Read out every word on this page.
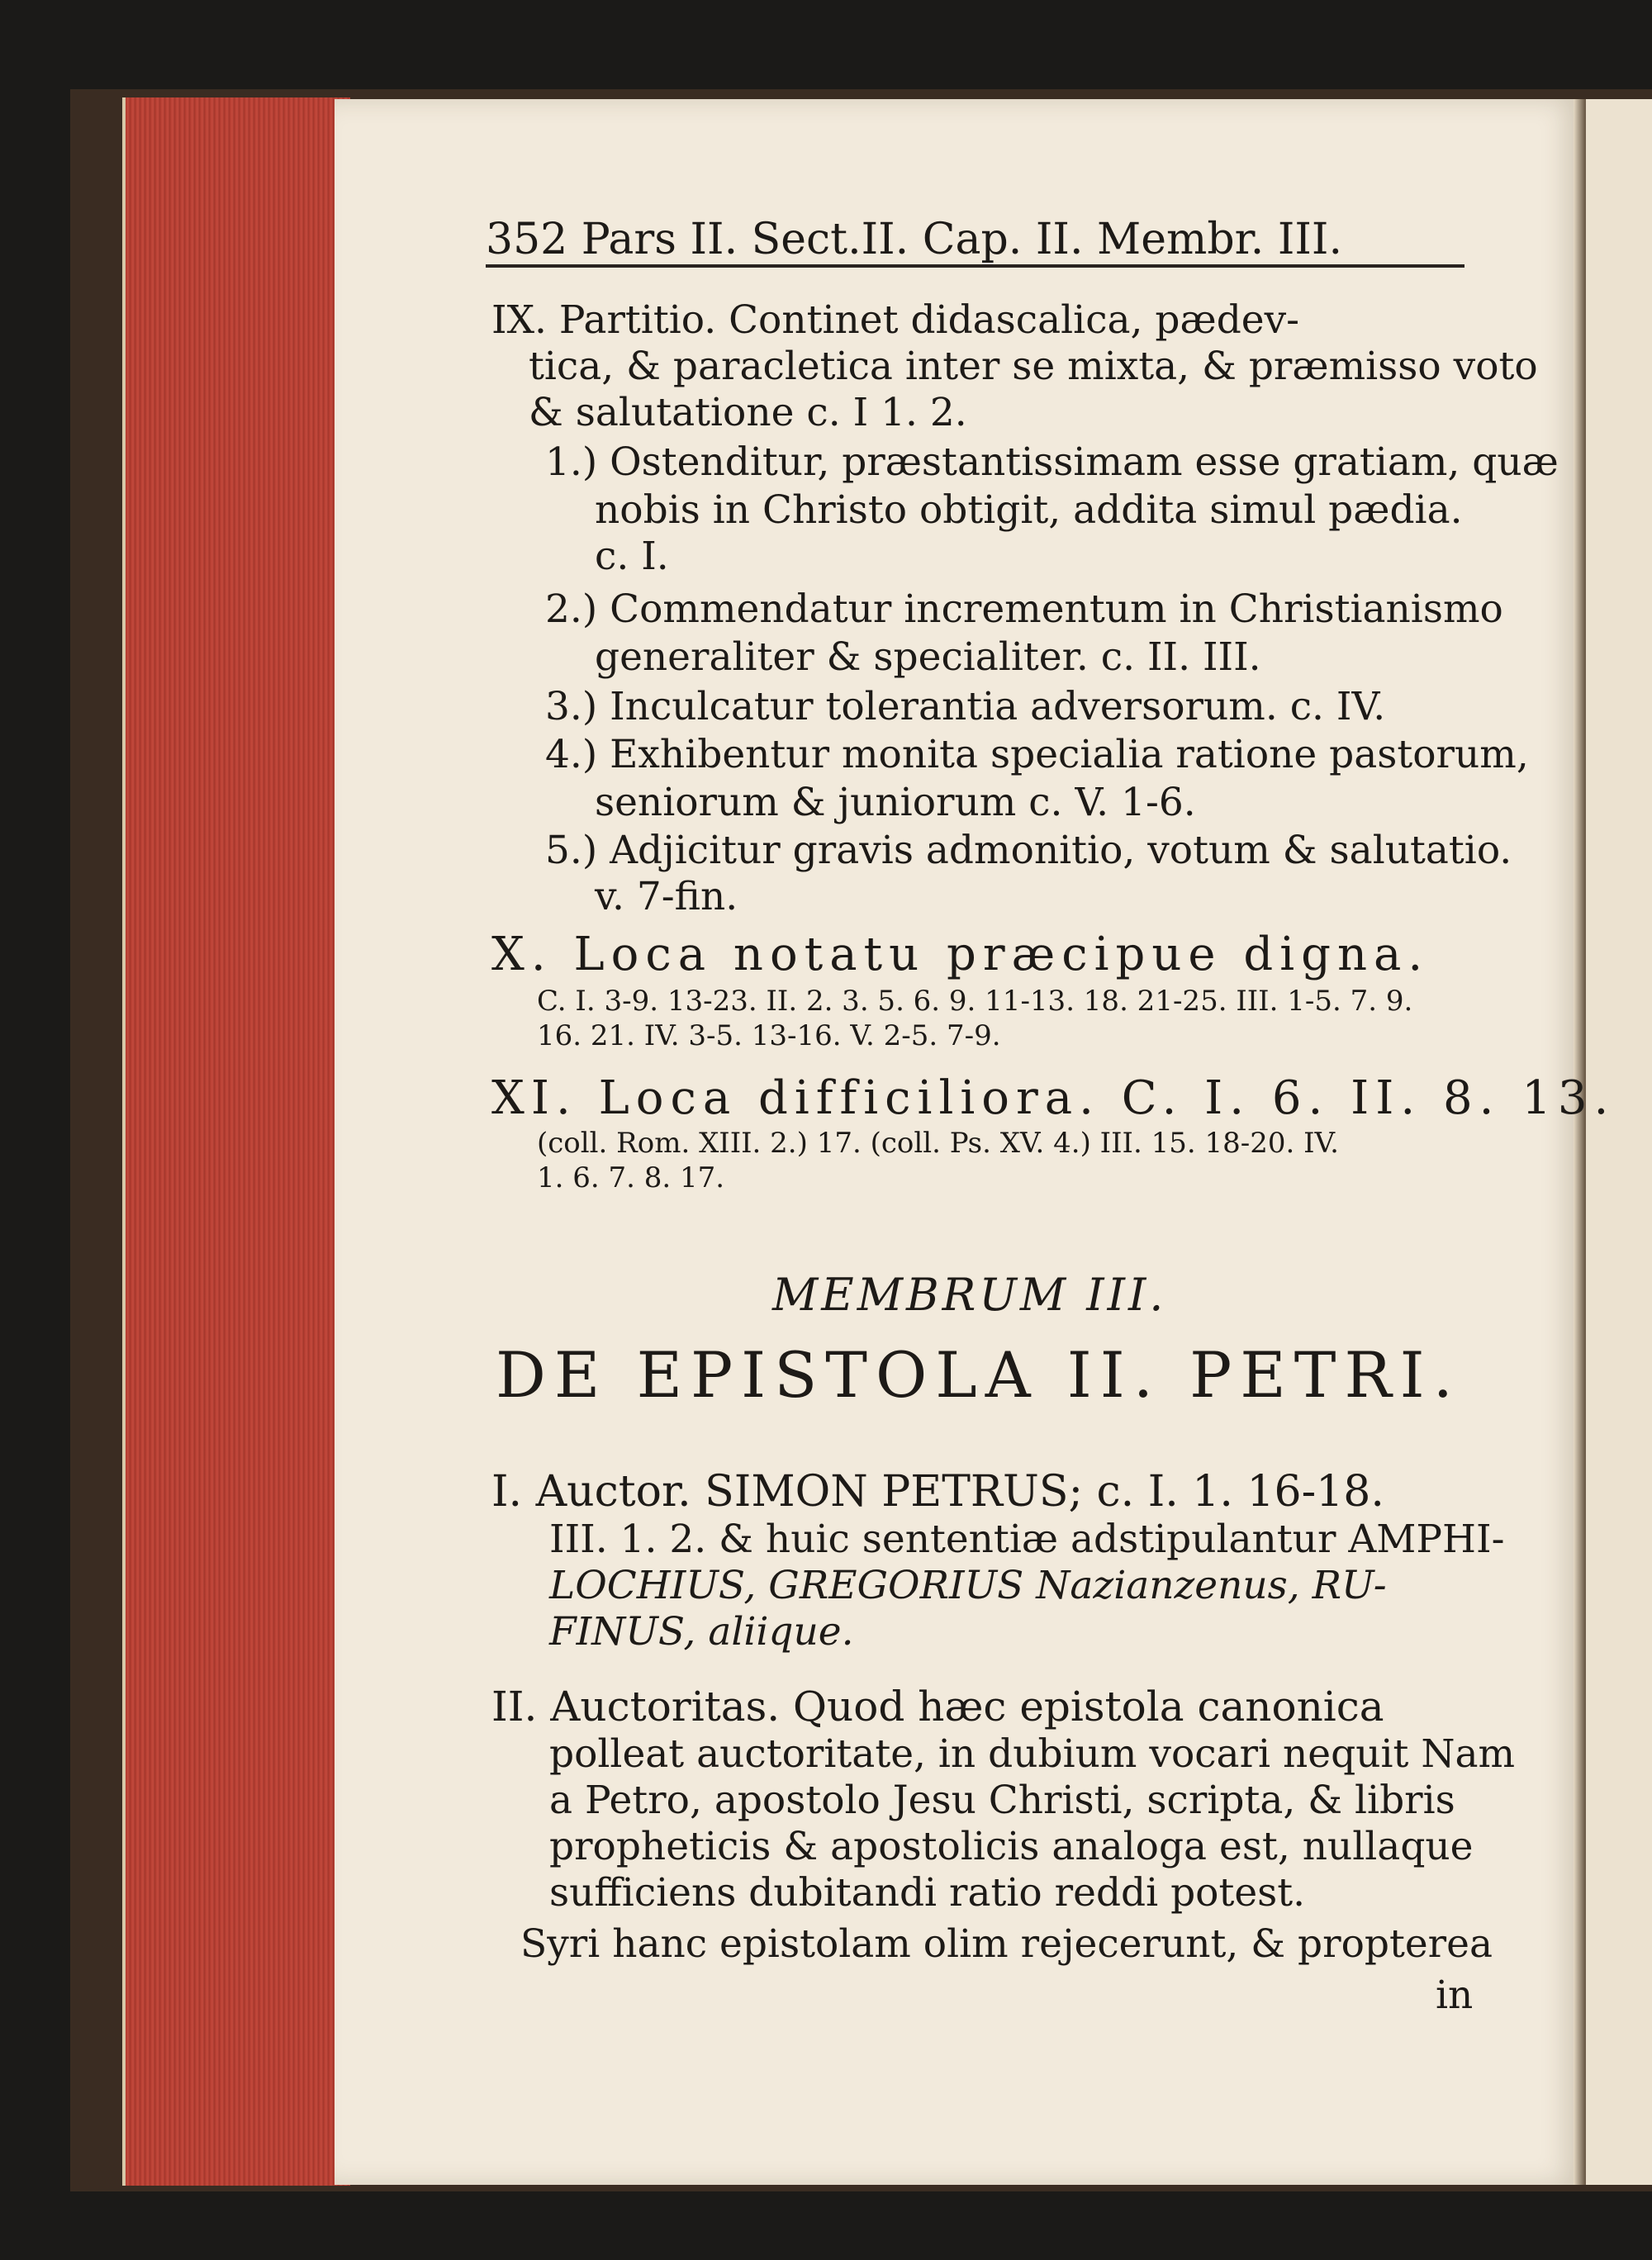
352 Pars II. Sect.II. Cap. II. Membr. III.
IX. Partitio. Continet didascalica, pædev-
tica, & paracletica inter se mixta, & præmisso voto
& salutatione c. I 1. 2.
1.) Ostenditur, præstantissimam esse gratiam, quæ
nobis in Christo obtigit, addita simul pædia.
c. I.
2.) Commendatur incrementum in Christianismo
generaliter & specialiter. c. II. III.
3.) Inculcatur tolerantia adversorum. c. IV.
4.) Exhibentur monita specialia ratione pastorum,
seniorum & juniorum c. V. 1-6.
5.) Adjicitur gravis admonitio, votum & salutatio.
v. 7-fin.
X. Loca notatu præcipue digna.
C. I. 3-9. 13-23. II. 2. 3. 5. 6. 9. 11-13. 18. 21-25. III. 1-5. 7. 9.
16. 21. IV. 3-5. 13-16. V. 2-5. 7-9.
XI. Loca difficiliora. C. I. 6. II. 8. 13.
(coll. Rom. XIII. 2.) 17. (coll. Ps. XV. 4.) III. 15. 18-20. IV.
1. 6. 7. 8. 17.
MEMBRUM III.
DE EPISTOLA II. PETRI.
I. Auctor. SIMON PETRUS; c. I. 1. 16-18.
III. 1. 2. & huic sententiæ adstipulantur AMPHI-
LOCHIUS, GREGORIUS Nazianzenus, RU-
FINUS, aliique.
II. Auctoritas. Quod hæc epistola canonica
polleat auctoritate, in dubium vocari nequit Nam
a Petro, apostolo Jesu Christi, scripta, & libris
propheticis & apostolicis analoga est, nullaque
sufficiens dubitandi ratio reddi potest.
Syri hanc epistolam olim rejecerunt, & propterea
in
